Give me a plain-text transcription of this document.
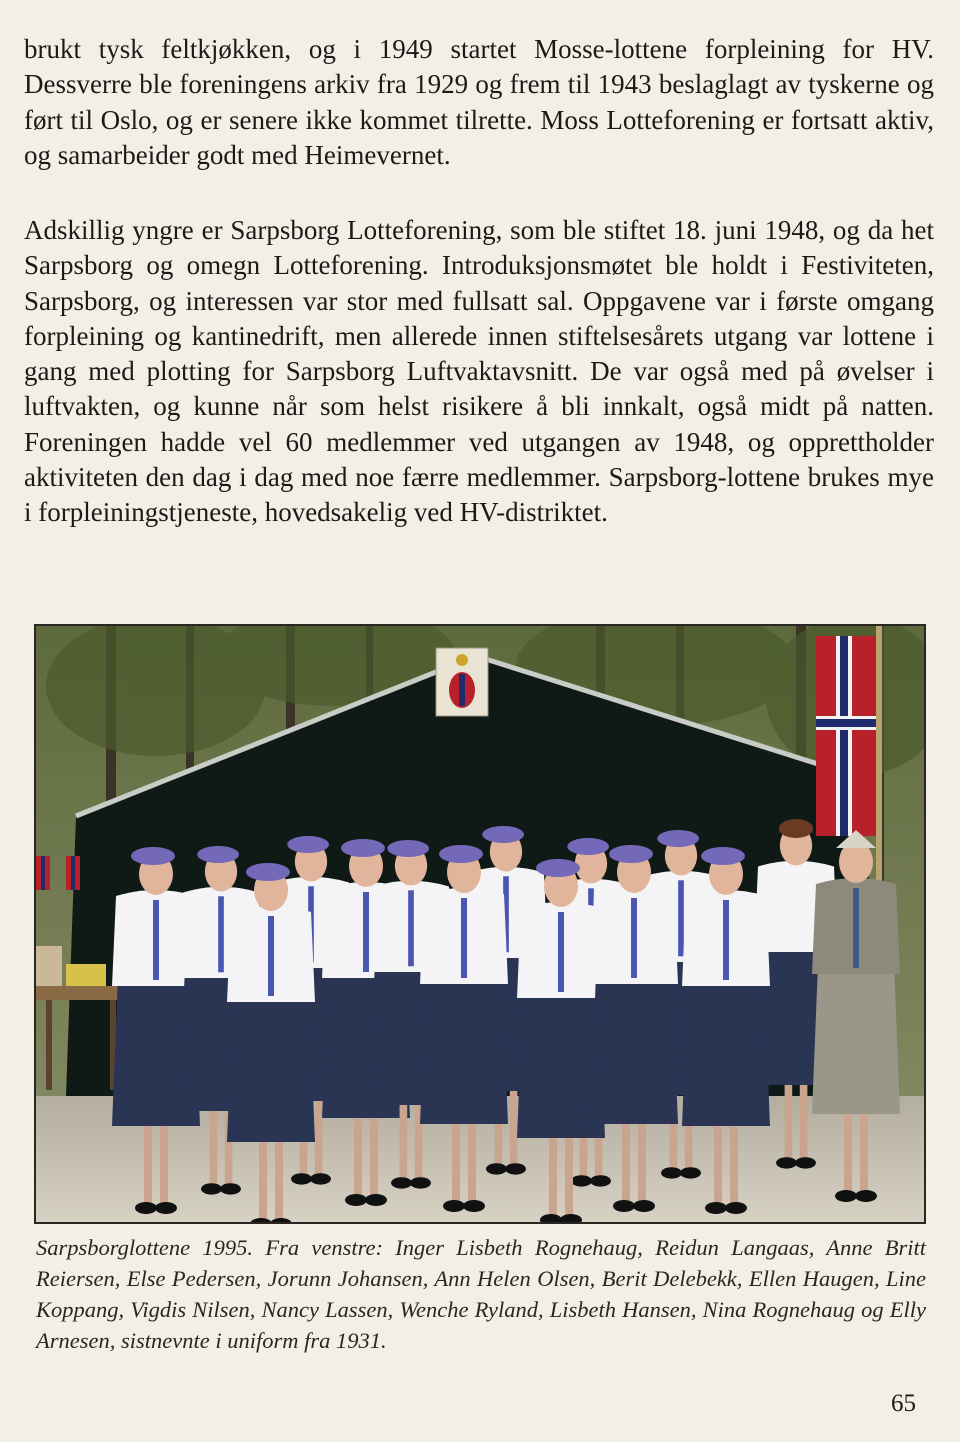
brukt tysk feltkjøkken, og i 1949 startet Mosse-lottene forpleining for HV. Dessverre ble foreningens arkiv fra 1929 og frem til 1943 beslaglagt av tyskerne og ført til Oslo, og er senere ikke kommet tilrette. Moss Lotteforening er fortsatt aktiv, og samarbeider godt med Heimevernet.

Adskillig yngre er Sarpsborg Lotteforening, som ble stiftet 18. juni 1948, og da het Sarpsborg og omegn Lotteforening. Introduksjonsmøtet ble holdt i Festiviteten, Sarpsborg, og interessen var stor med fullsatt sal. Oppgavene var i første omgang forpleining og kantinedrift, men allerede innen stiftelsesårets utgang var lottene i gang med plotting for Sarpsborg Luftvaktavsnitt. De var også med på øvelser i luftvakten, og kunne når som helst risikere å bli innkalt, også midt på natten. Foreningen hadde vel 60 medlemmer ved utgangen av 1948, og opprettholder aktiviteten den dag i dag med noe færre medlemmer. Sarpsborg-lottene brukes mye i forpleiningstjeneste, hovedsakelig ved HV-distriktet.

Sarpsborglottene 1995. Fra venstre: Inger Lisbeth Rognehaug, Reidun Langaas, Anne Britt Reiersen, Else Pedersen, Jorunn Johansen, Ann Helen Olsen, Berit Delebekk, Ellen Haugen, Line Koppang, Vigdis Nilsen, Nancy Lassen, Wenche Ryland, Lisbeth Hansen, Nina Rognehaug og Elly Arnesen, sistnevnte i uniform fra 1931.

65
